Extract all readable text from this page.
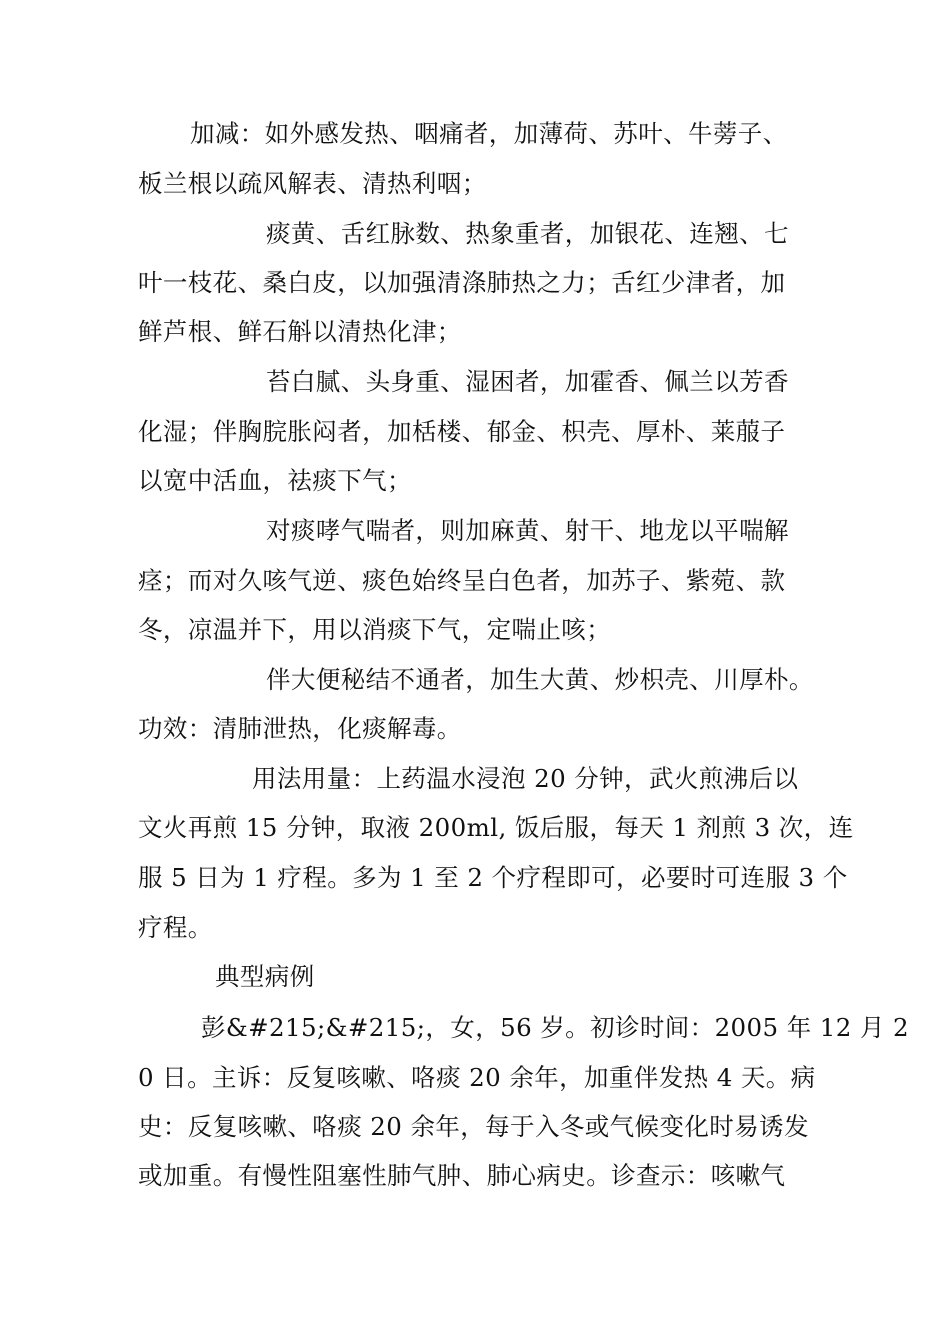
加减：如外感发热、咽痛者，加薄荷、苏叶、牛蒡子、
板兰根以疏风解表、清热利咽；
痰黄、舌红脉数、热象重者，加银花、连翘、七
叶一枝花、桑白皮，以加强清涤肺热之力；舌红少津者，加
鲜芦根、鲜石斛以清热化津；
苔白腻、头身重、湿困者，加霍香、佩兰以芳香
化湿；伴胸脘胀闷者，加栝楼、郁金、枳壳、厚朴、莱菔子
以宽中活血，祛痰下气；
对痰哮气喘者，则加麻黄、射干、地龙以平喘解
痉；而对久咳气逆、痰色始终呈白色者，加苏子、紫菀、款
冬，凉温并下，用以消痰下气，定喘止咳；
伴大便秘结不通者，加生大黄、炒枳壳、川厚朴。
功效：清肺泄热，化痰解毒。
用法用量：上药温水浸泡 20 分钟，武火煎沸后以
文火再煎 15 分钟，取液 200ml, 饭后服，每天 1 剂煎 3 次，连
服 5 日为 1 疗程。多为 1 至 2 个疗程即可，必要时可连服 3 个
疗程。
典型病例
彭&#215;&#215;，女，56 岁。初诊时间：2005 年 12 月 2
0 日。主诉：反复咳嗽、咯痰 20 余年，加重伴发热 4 天。病
史：反复咳嗽、咯痰 20 余年，每于入冬或气候变化时易诱发
或加重。有慢性阻塞性肺气肿、肺心病史。诊查示：咳嗽气
